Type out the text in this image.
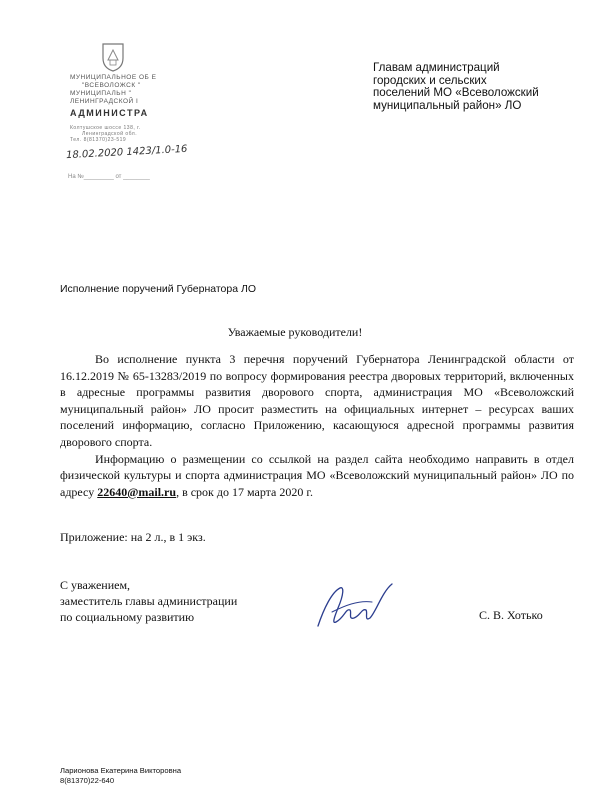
МУНИЦИПАЛЬНОЕ ОБ Е
"ВСЕВОЛОЖСК "
МУНИЦИПАЛЬН "
ЛЕНИНГРАДСКОЙ І
АДМИНИСТРА
Колтушское шоссе 138, г.
Ленинградской обл.
Тел. 8(81370)23-519
18.02.2020 1423/1.0-16
На №_________ от ________
Главам администраций
городских и сельских
поселений МО «Всеволожский
муниципальный район» ЛО
Исполнение поручений Губернатора ЛО
Уважаемые руководители!

Во исполнение пункта 3 перечня поручений Губернатора Ленинградской области от 16.12.2019 № 65-13283/2019 по вопросу формирования реестра дворовых территорий, включенных в адресные программы развития дворового спорта, администрация МО «Всеволожский муниципальный район» ЛО просит разместить на официальных интернет – ресурсах ваших поселений информацию, согласно Приложению, касающуюся адресной программы развития дворового спорта.

Информацию о размещении со ссылкой на раздел сайта необходимо направить в отдел физической культуры и спорта администрация МО «Всеволожский муниципальный район» ЛО по адресу 22640@mail.ru, в срок до 17 марта 2020 г.

Приложение: на 2 л., в 1 экз.
С уважением,
заместитель главы администрации
по социальному развитию	С. В. Хотько
Ларионова Екатерина Викторовна
8(81370)22-640
